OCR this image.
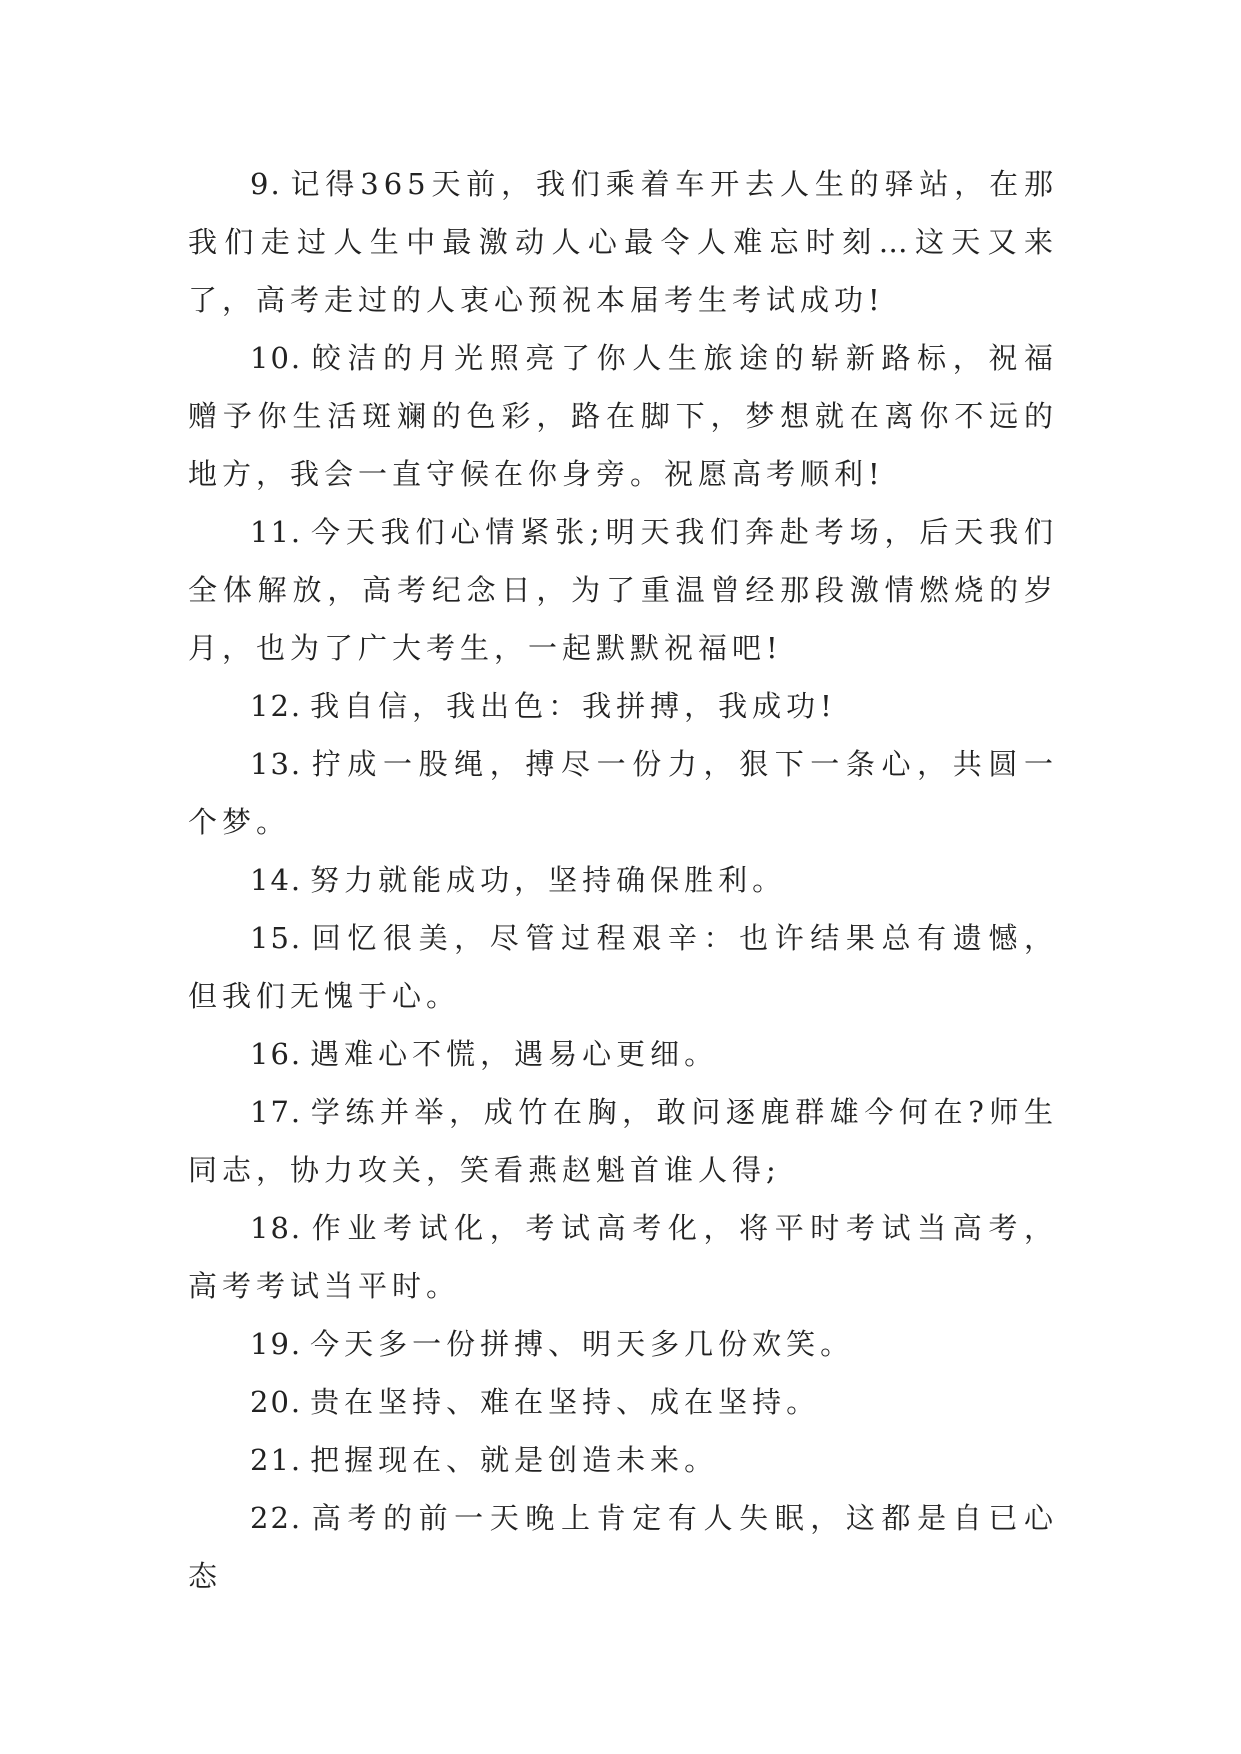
9. 记得365天前，我们乘着车开去人生的驿站，在那我们走过人生中最激动人心最令人难忘时刻…这天又来了，高考走过的人衷心预祝本届考生考试成功!

10. 皎洁的月光照亮了你人生旅途的崭新路标，祝福赠予你生活斑斓的色彩，路在脚下，梦想就在离你不远的地方，我会一直守候在你身旁。祝愿高考顺利!

11. 今天我们心情紧张;明天我们奔赴考场，后天我们全体解放，高考纪念日，为了重温曾经那段激情燃烧的岁月，也为了广大考生，一起默默祝福吧!

12. 我自信，我出色：我拼搏，我成功!

13. 拧成一股绳，搏尽一份力，狠下一条心，共圆一个梦。

14. 努力就能成功，坚持确保胜利。

15. 回忆很美，尽管过程艰辛：也许结果总有遗憾，但我们无愧于心。

16. 遇难心不慌，遇易心更细。

17. 学练并举，成竹在胸，敢问逐鹿群雄今何在?师生同志，协力攻关，笑看燕赵魁首谁人得;

18. 作业考试化，考试高考化，将平时考试当高考，高考考试当平时。

19. 今天多一份拼搏、明天多几份欢笑。

20. 贵在坚持、难在坚持、成在坚持。

21. 把握现在、就是创造未来。

22. 高考的前一天晚上肯定有人失眠，这都是自已心态
